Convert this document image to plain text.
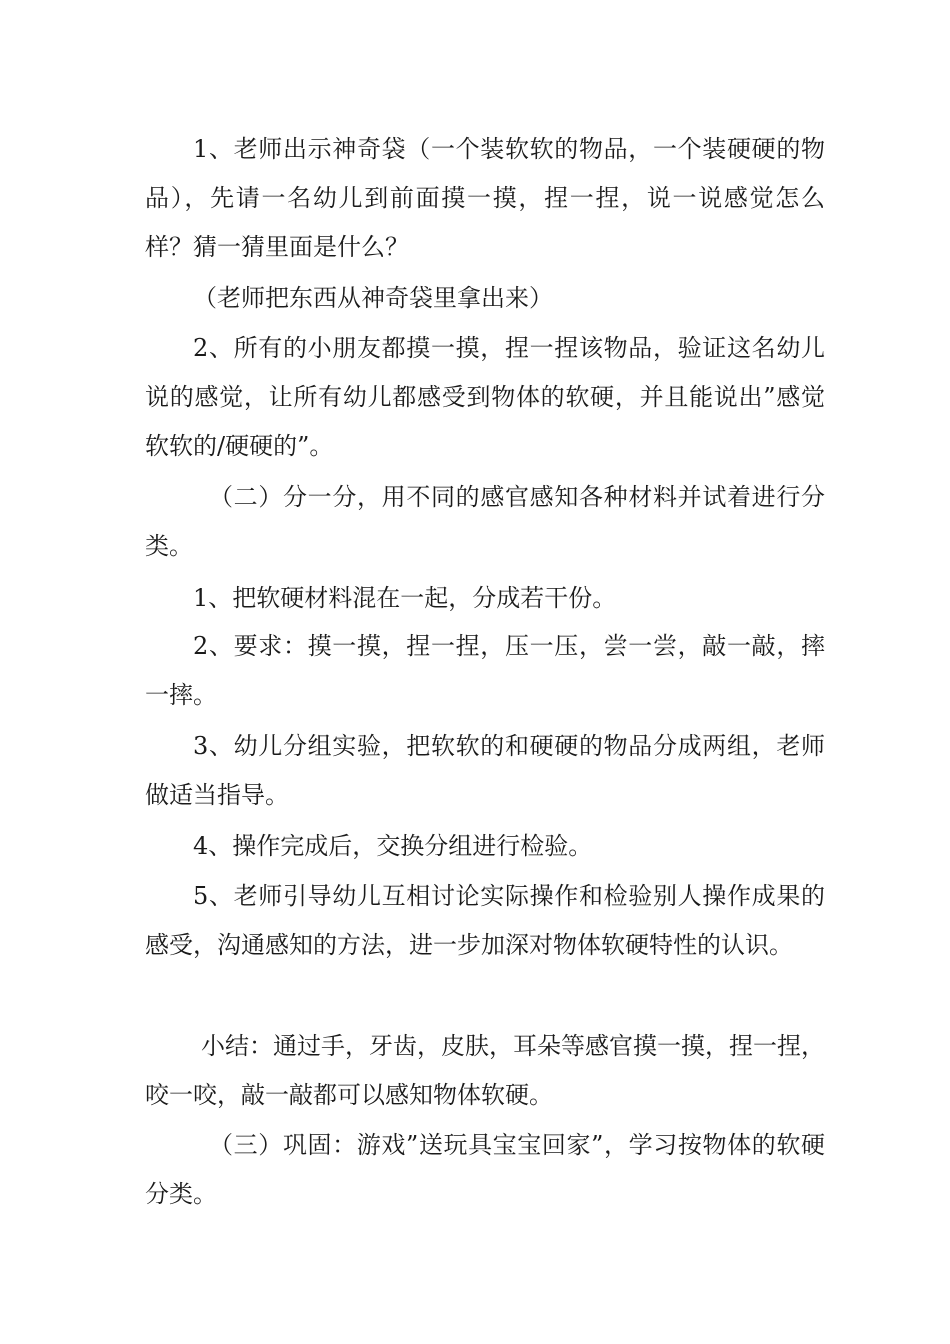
1、老师出示神奇袋（一个装软软的物品，一个装硬硬的物品），先请一名幼儿到前面摸一摸，捏一捏，说一说感觉怎么样？猜一猜里面是什么？

（老师把东西从神奇袋里拿出来）

2、所有的小朋友都摸一摸，捏一捏该物品，验证这名幼儿说的感觉，让所有幼儿都感受到物体的软硬，并且能说出”感觉软软的/硬硬的”。

（二）分一分，用不同的感官感知各种材料并试着进行分类。

1、把软硬材料混在一起，分成若干份。

2、要求：摸一摸，捏一捏，压一压，尝一尝，敲一敲，摔一摔。

3、幼儿分组实验，把软软的和硬硬的物品分成两组，老师做适当指导。

4、操作完成后，交换分组进行检验。

5、老师引导幼儿互相讨论实际操作和检验别人操作成果的感受，沟通感知的方法，进一步加深对物体软硬特性的认识。

小结：通过手，牙齿，皮肤，耳朵等感官摸一摸，捏一捏，咬一咬，敲一敲都可以感知物体软硬。

（三）巩固：游戏”送玩具宝宝回家”，学习按物体的软硬分类。
